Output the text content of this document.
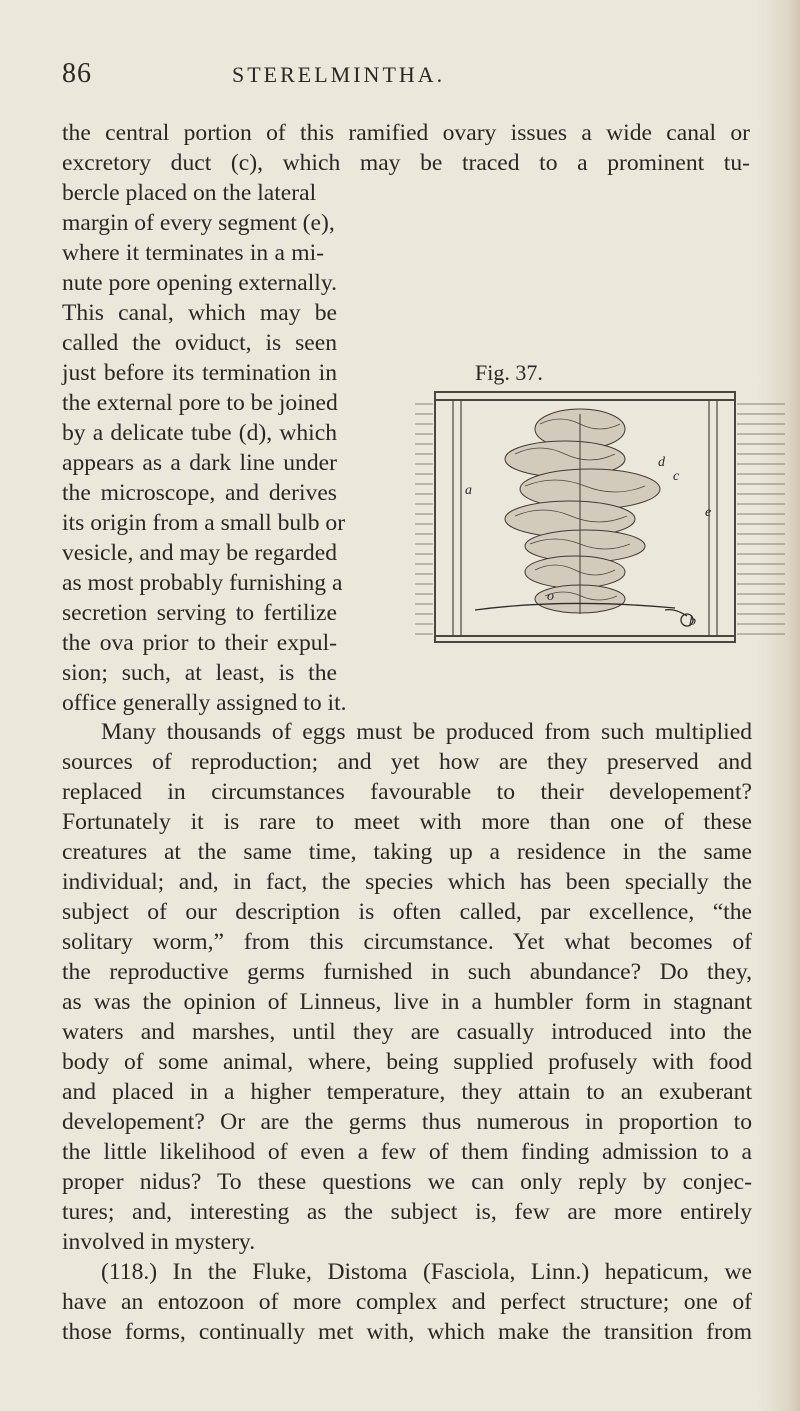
86	STERELMINTHA.
the central portion of this ramified ovary issues a wide canal or
excretory duct (c), which may be traced to a prominent tu-
bercle placed on the lateral
margin of every segment (e),
where it terminates in a mi-
nute pore opening externally.
This canal, which may be
called the oviduct, is seen
just before its termination in
the external pore to be joined
by a delicate tube (d), which
appears as a dark line under
the microscope, and derives
its origin from a small bulb or
vesicle, and may be regarded
as most probably furnishing a
secretion serving to fertilize
the ova prior to their expul-
sion; such, at least, is the
office generally assigned to it.
Fig. 37.
a
c
d
e
o
b
Many thousands of eggs must be produced from such multiplied
sources of reproduction; and yet how are they preserved and
replaced in circumstances favourable to their developement?
Fortunately it is rare to meet with more than one of these
creatures at the same time, taking up a residence in the same
individual; and, in fact, the species which has been specially the
subject of our description is often called, par excellence, “the
solitary worm,” from this circumstance. Yet what becomes of
the reproductive germs furnished in such abundance? Do they,
as was the opinion of Linneus, live in a humbler form in stagnant
waters and marshes, until they are casually introduced into the
body of some animal, where, being supplied profusely with food
and placed in a higher temperature, they attain to an exuberant
developement? Or are the germs thus numerous in proportion to
the little likelihood of even a few of them finding admission to a
proper nidus? To these questions we can only reply by conjec-
tures; and, interesting as the subject is, few are more entirely
involved in mystery.
(118.) In the Fluke, Distoma (Fasciola, Linn.) hepaticum, we
have an entozoon of more complex and perfect structure; one of
those forms, continually met with, which make the transition from
